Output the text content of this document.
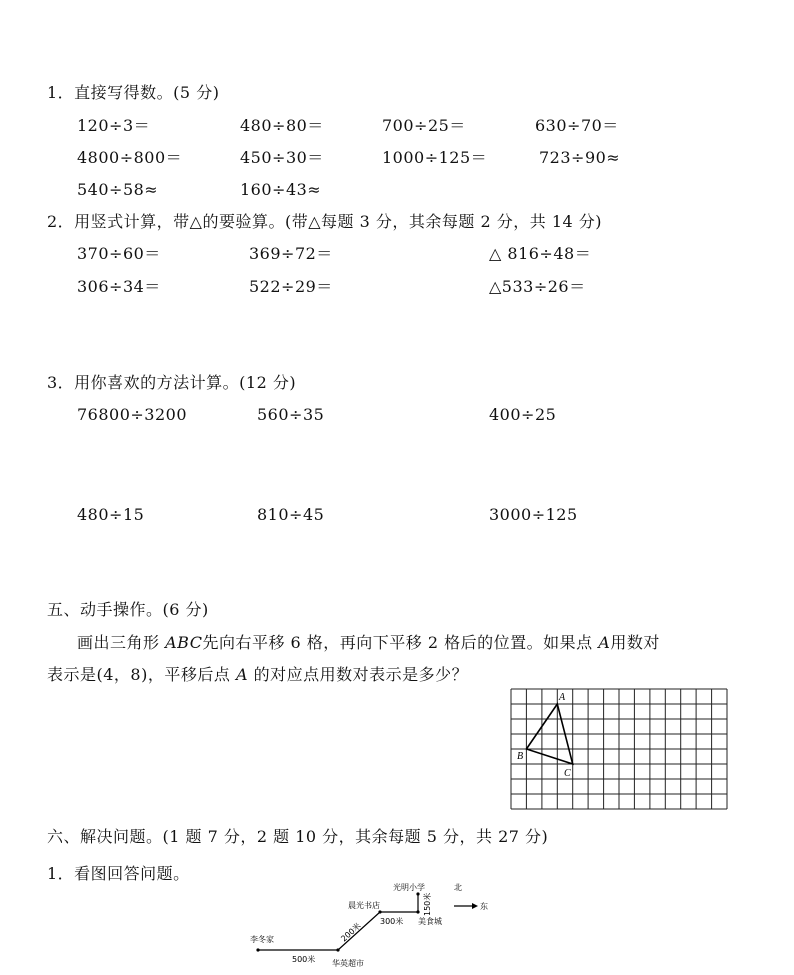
1．直接写得数。(5 分)
120÷3＝	480÷80＝	700÷25＝	630÷70＝
4800÷800＝	450÷30＝	1000÷125＝	723÷90≈
540÷58≈	160÷43≈
2．用竖式计算，带△的要验算。(带△每题 3 分，其余每题 2 分，共 14 分)
370÷60＝	369÷72＝	△ 816÷48＝
306÷34＝	522÷29＝	△533÷26＝
3．用你喜欢的方法计算。(12 分)
76800÷3200	560÷35	400÷25
480÷15	810÷45	3000÷125
五、动手操作。(6 分)
画出三角形 ABC先向右平移 6 格，再向下平移 2 格后的位置。如果点 A用数对
表示是(4，8)，平移后点 A 的对应点用数对表示是多少？
A
B
C
六、解决问题。(1 题 7 分，2 题 10 分，其余每题 5 分，共 27 分)
1．看图回答问题。
李冬家
华英超市
晨光书店
光明小学
美食城
500米
300米
200米
150米
北
东
